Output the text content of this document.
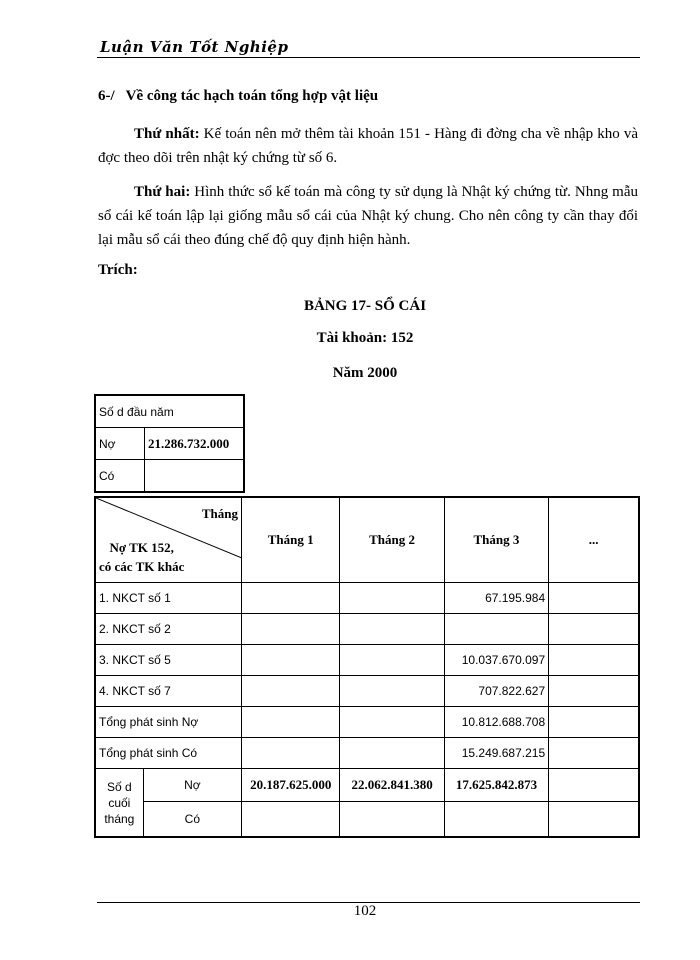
Luận Văn Tốt Nghiệp
6-/   Về công tác hạch toán tổng hợp vật liệu
Thứ nhất: Kế toán nên mở thêm tài khoản 151 - Hàng đi đờng cha về nhập kho và đợc theo dõi trên nhật ký chứng từ số 6.
Thứ hai: Hình thức sổ kế toán mà công ty sử dụng là Nhật ký chứng từ. Nhng mẫu sổ cái kế toán lập lại giống mẫu sổ cái của Nhật ký chung. Cho nên công ty cần thay đổi lại mẫu sổ cái theo đúng chế độ quy định hiện hành.
Trích:
BẢNG 17- SỔ CÁI
Tài khoản: 152
Năm 2000
Số d đầu năm	
Nợ	21.286.732.000
Có	
Tháng
Nợ TK 152,
có các TK khác		Tháng 1	Tháng 2	Tháng 3	...
1. NKCT số 1				67.195.984	
2. NKCT số 2					
3. NKCT số 5				10.037.670.097	
4. NKCT số 7				707.822.627	
Tổng phát sinh Nợ				10.812.688.708	
Tổng phát sinh Có				15.249.687.215	
Số d
cuối
tháng	Nợ	20.187.625.000	22.062.841.380	17.625.842.873	
	Có				
102
